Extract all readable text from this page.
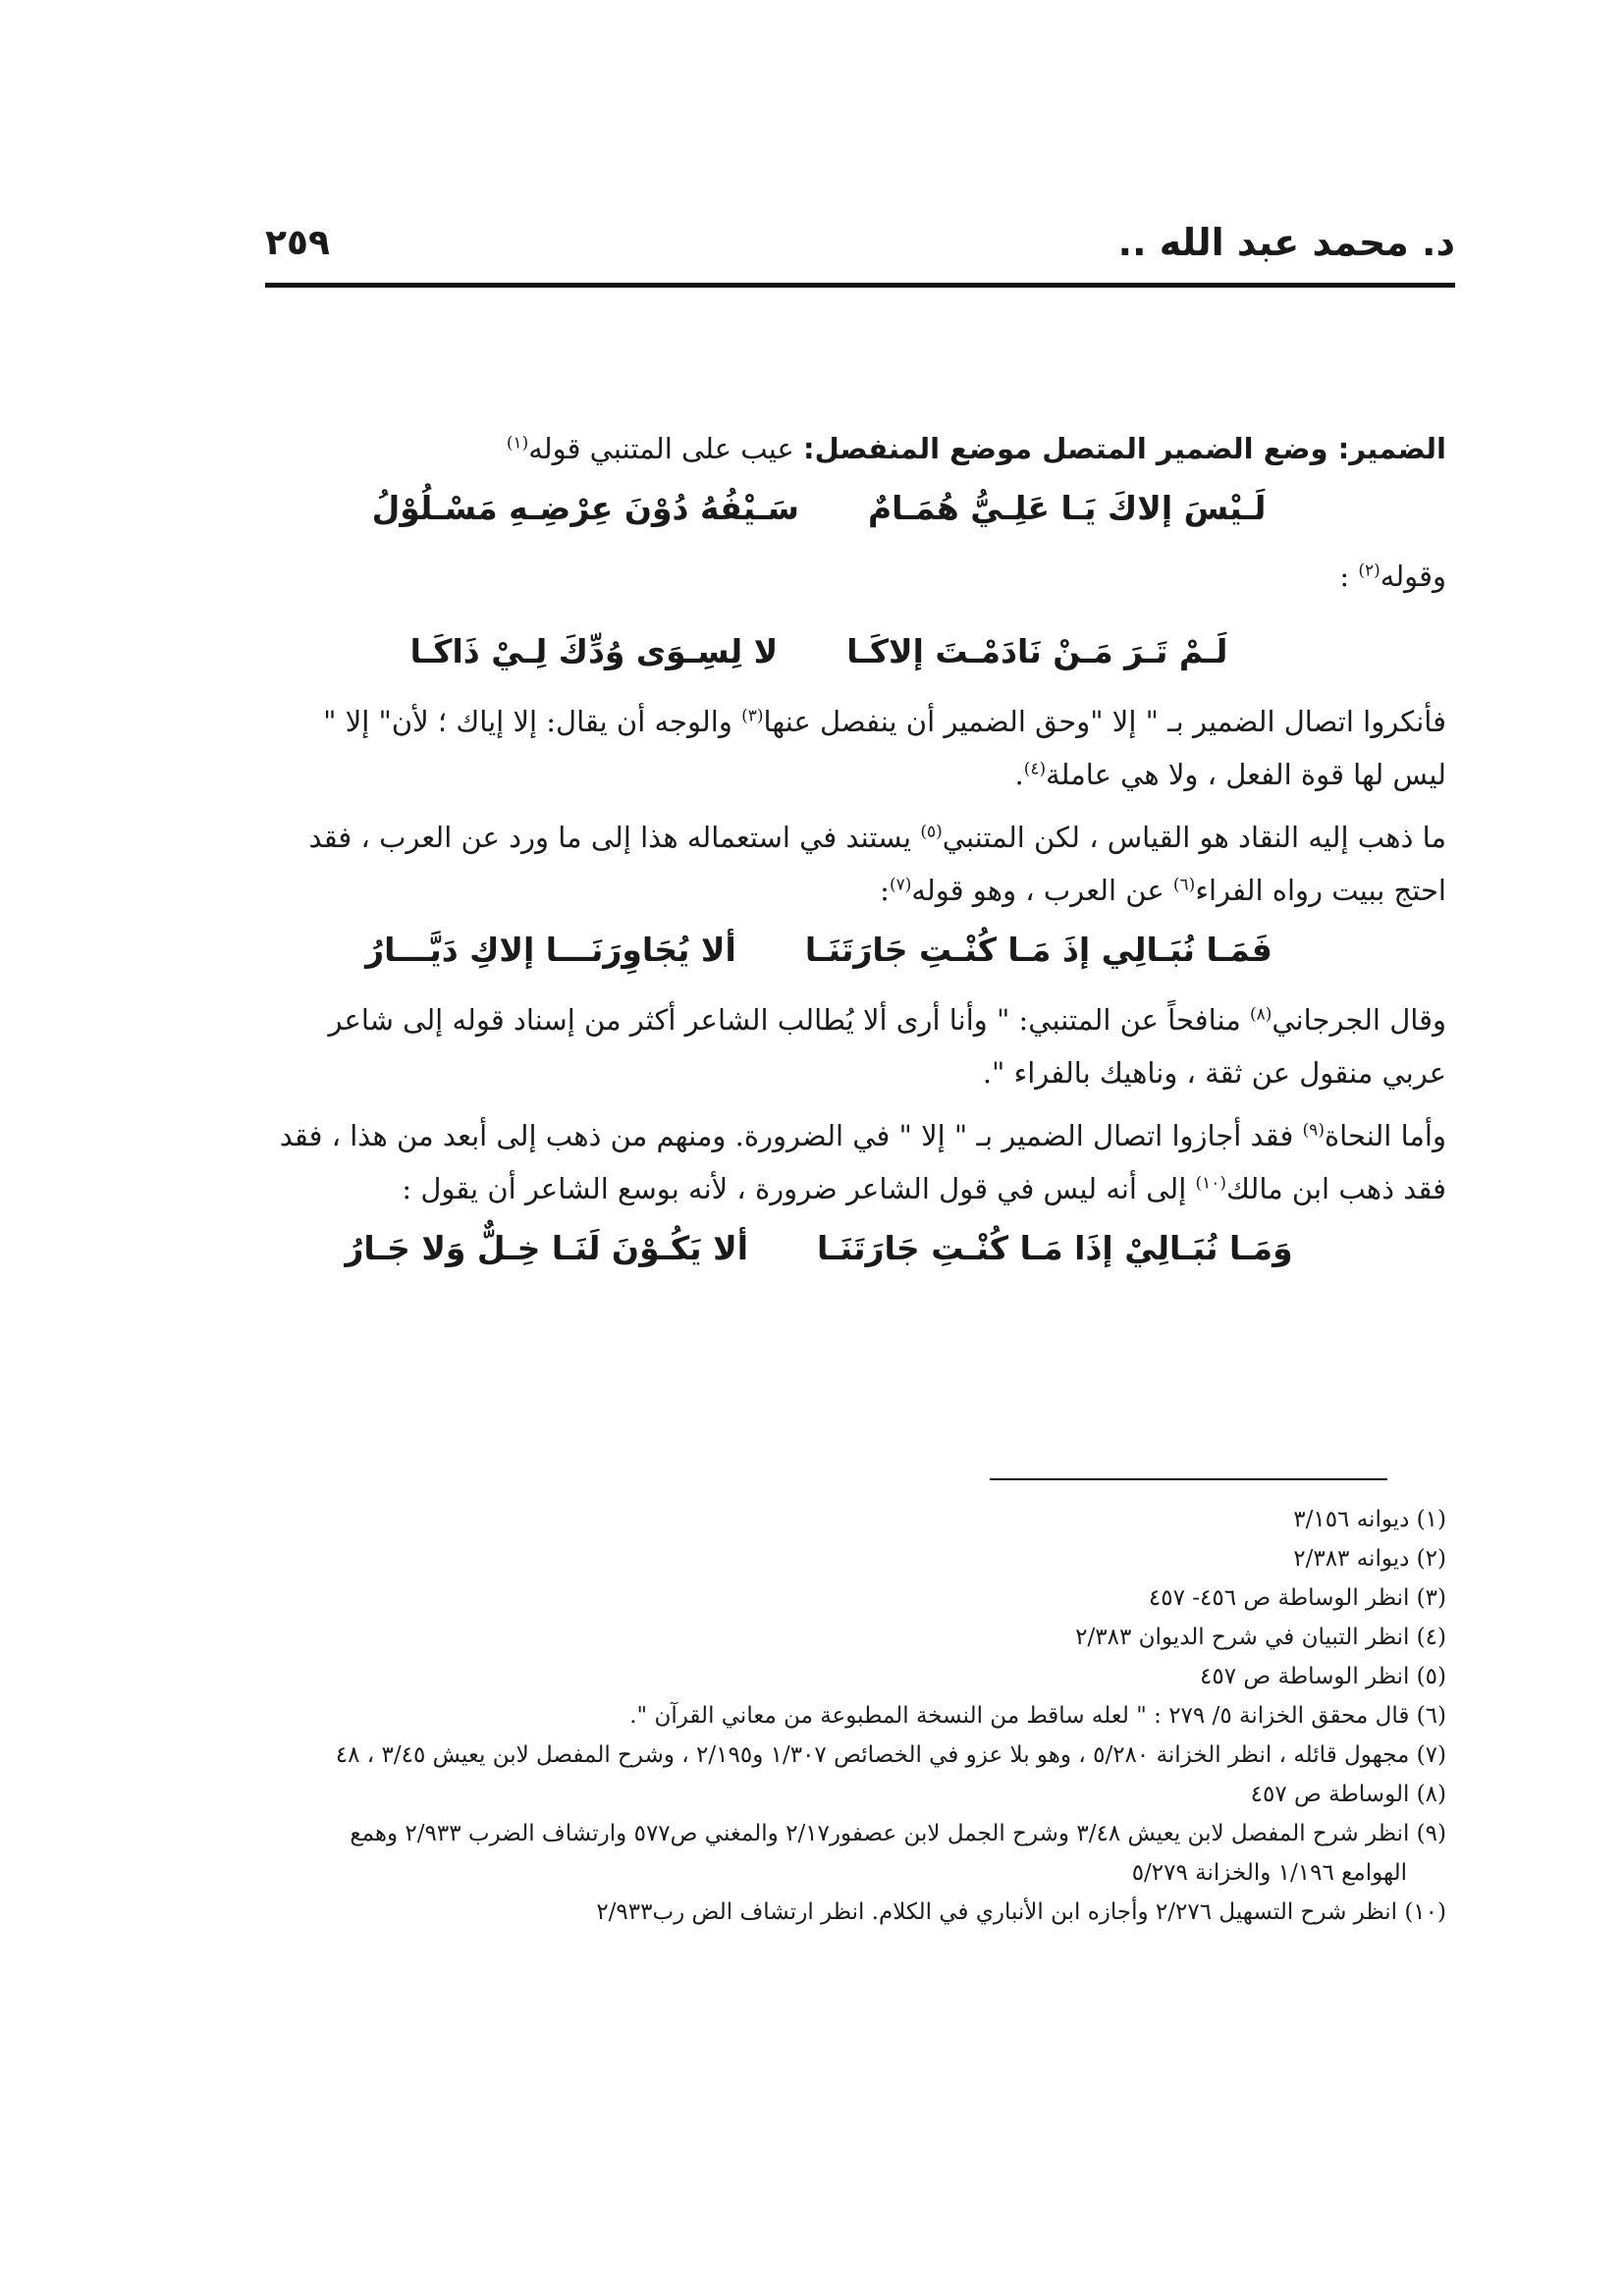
د. محمد عبد الله ..
٢٥٩
الضمير: وضع الضمير المتصل موضع المنفصل: عيب على المتنبي قوله$^{(١)}$
لَـيْسَ إلاكَ يَـا عَلِـيُّ هُمَـامٌ
سَـيْفُهُ دُوْنَ عِرْضِـهِ مَسْـلُوْلُ
وقوله$^{(٢)}$ :
لَـمْ تَـرَ مَـنْ نَادَمْـتَ إلاكَـا
لا لِسِـوَى وُدِّكَ لِـيْ ذَاكَـا
فأنكروا اتصال الضمير بـ " إلا "وحق الضمير أن ينفصل عنها$^{(٣)}$ والوجه أن يقال: إلا إياك ؛ لأن" إلا "
ليس لها قوة الفعل ، ولا هي عاملة$^{(٤)}$.
ما ذهب إليه النقاد هو القياس ، لكن المتنبي$^{(٥)}$ يستند في استعماله هذا إلى ما ورد عن العرب ، فقد
احتج ببيت رواه الفراء$^{(٦)}$ عن العرب ، وهو قوله$^{(٧)}$:
فَمَـا نُبَـالِي إذَ مَـا كُنْـتِ جَارَتَنَـا
ألا يُجَاوِرَنَـــا إلاكِ دَيَّـــارُ
وقال الجرجاني$^{(٨)}$ منافحاً عن المتنبي: " وأنا أرى ألا يُطالب الشاعر أكثر من إسناد قوله إلى شاعر
عربي منقول عن ثقة ، وناهيك بالفراء ".
وأما النحاة$^{(٩)}$ فقد أجازوا اتصال الضمير بـ " إلا " في الضرورة. ومنهم من ذهب إلى أبعد من هذا ، فقد
فقد ذهب ابن مالك$^{(١٠)}$ إلى أنه ليس في قول الشاعر ضرورة ، لأنه بوسع الشاعر أن يقول :
وَمَـا نُبَـالِيْ إذَا مَـا كُنْـتِ جَارَتَنَـا
ألا يَكُـوْنَ لَنَـا خِـلٌّ وَلا جَـارُ
(١) ديوانه ٣/١٥٦
(٢) ديوانه ٢/٣٨٣
(٣) انظر الوساطة ص ٤٥٦- ٤٥٧
(٤) انظر التبيان في شرح الديوان ٢/٣٨٣
(٥) انظر الوساطة ص ٤٥٧
(٦) قال محقق الخزانة ٥/ ٢٧٩ : " لعله ساقط من النسخة المطبوعة من معاني القرآن ".
(٧) مجهول قائله ، انظر الخزانة ٥/٢٨٠ ، وهو بلا عزو في الخصائص ١/٣٠٧ و٢/١٩٥ ، وشرح المفصل لابن يعيش ٣/٤٥ ، ٤٨
(٨) الوساطة ص ٤٥٧
(٩) انظر شرح المفصل لابن يعيش ٣/٤٨ وشرح الجمل لابن عصفور٢/١٧ والمغني ص٥٧٧ وارتشاف الضرب ٢/٩٣٣ وهمع
الهوامع ١/١٩٦ والخزانة ٥/٢٧٩
(١٠) انظر شرح التسهيل ٢/٢٧٦ وأجازه ابن الأنباري في الكلام. انظر ارتشاف الض رب٢/٩٣٣
